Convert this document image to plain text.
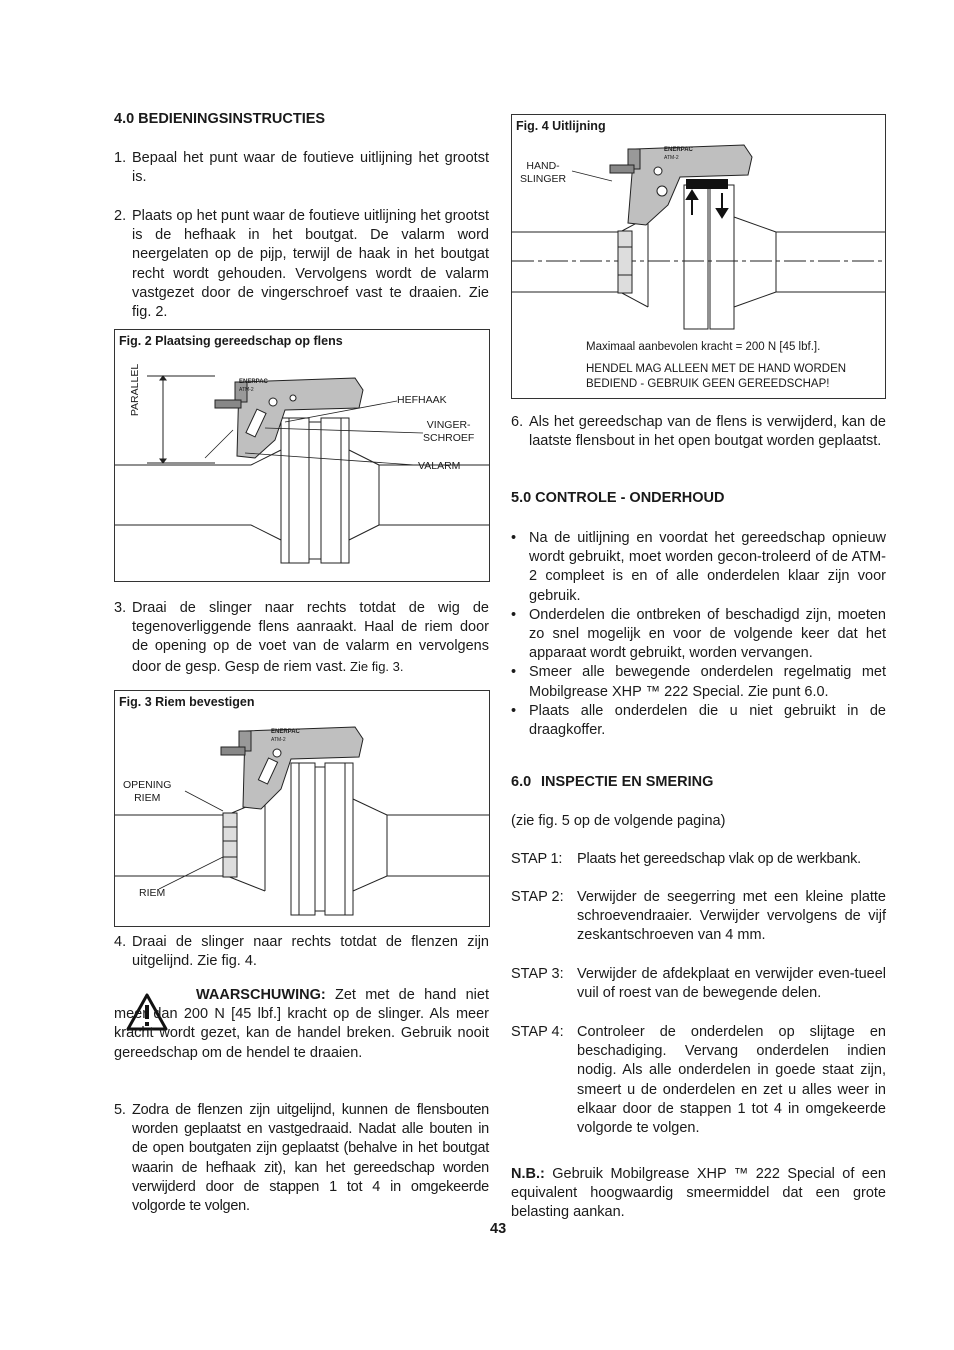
4.0 BEDIENINGSINSTRUCTIES
1. Bepaal het punt waar de foutieve uitlijning het grootst is.
2. Plaats op het punt waar de foutieve uitlijning het grootst is de hefhaak in het boutgat. De valarm word neergelaten op de pijp, terwijl de haak in het boutgat recht wordt gehouden. Vervolgens wordt de valarm vastgezet door de vingerschroef vast te draaien. Zie fig. 2.
Fig. 2 Plaatsing gereedschap op flens
ENERPAC
ATM-2
PARALLEL	HEFHAAK
VINGER-
SCHROEF
VALARM
3. Draai de slinger naar rechts totdat de wig de tegenoverliggende flens aanraakt. Haal de riem door de opening op de voet van de valarm en vervolgens door de gesp. Gesp de riem vast. Zie fig. 3.
Fig. 3 Riem bevestigen
ENERPAC
ATM-2
OPENING
RIEM
RIEM
4. Draai de slinger naar rechts totdat de flenzen zijn uitgelijnd. Zie fig. 4.
WAARSCHUWING: Zet met de hand niet meer dan 200 N [45 lbf.] kracht op de slinger. Als meer kracht wordt gezet, kan de handel breken. Gebruik nooit gereedschap om de hendel te draaien.
5. Zodra de flenzen zijn uitgelijnd, kunnen de flensbouten worden geplaatst en vastgedraaid. Nadat alle bouten in de open boutgaten zijn geplaatst (behalve in het boutgat waarin de hefhaak zit), kan het gereedschap worden verwijderd door de stappen 1 tot 4 in omgekeerde volgorde te volgen.
Fig. 4 Uitlijning
ENERPAC
ATM-2
HAND-
SLINGER
Maximaal aanbevolen kracht = 200 N [45 lbf.].
HENDEL MAG ALLEEN MET DE HAND WORDEN
BEDIEND - GEBRUIK GEEN GEREEDSCHAP!
6. Als het gereedschap van de flens is verwijderd, kan de laatste flensbout in het open boutgat worden geplaatst.
5.0 CONTROLE - ONDERHOUD
• Na de uitlijning en voordat het gereedschap opnieuw wordt gebruikt, moet worden gecon-troleerd of de ATM-2 compleet is en of alle onderdelen klaar zijn voor gebruik.
• Onderdelen die ontbreken of beschadigd zijn, moeten zo snel mogelijk en voor de volgende keer dat het apparaat wordt gebruikt, worden vervangen.
• Smeer alle bewegende onderdelen regelmatig met Mobilgrease XHP ™ 222 Special. Zie punt 6.0.
• Plaats alle onderdelen die u niet gebruikt in de draagkoffer.
6.0 INSPECTIE EN SMERING
(zie fig. 5 op de volgende pagina)
STAP 1:	Plaats het gereedschap vlak op de werkbank.
STAP 2: Verwijder de seegerring met een kleine platte schroevendraaier. Verwijder vervolgens de vijf zeskantschroeven van 4 mm.
STAP 3: Verwijder de afdekplaat en verwijder even-tueel vuil of roest van de bewegende delen.
STAP 4: Controleer de onderdelen op slijtage en beschadiging. Vervang onderdelen indien nodig. Als alle onderdelen in goede staat zijn, smeert u de onderdelen en zet u alles weer in elkaar door de stappen 1 tot 4 in omgekeerde volgorde te volgen.
N.B.: Gebruik Mobilgrease XHP ™ 222 Special of een equivalent hoogwaardig smeermiddel dat een grote belasting aankan.
43
